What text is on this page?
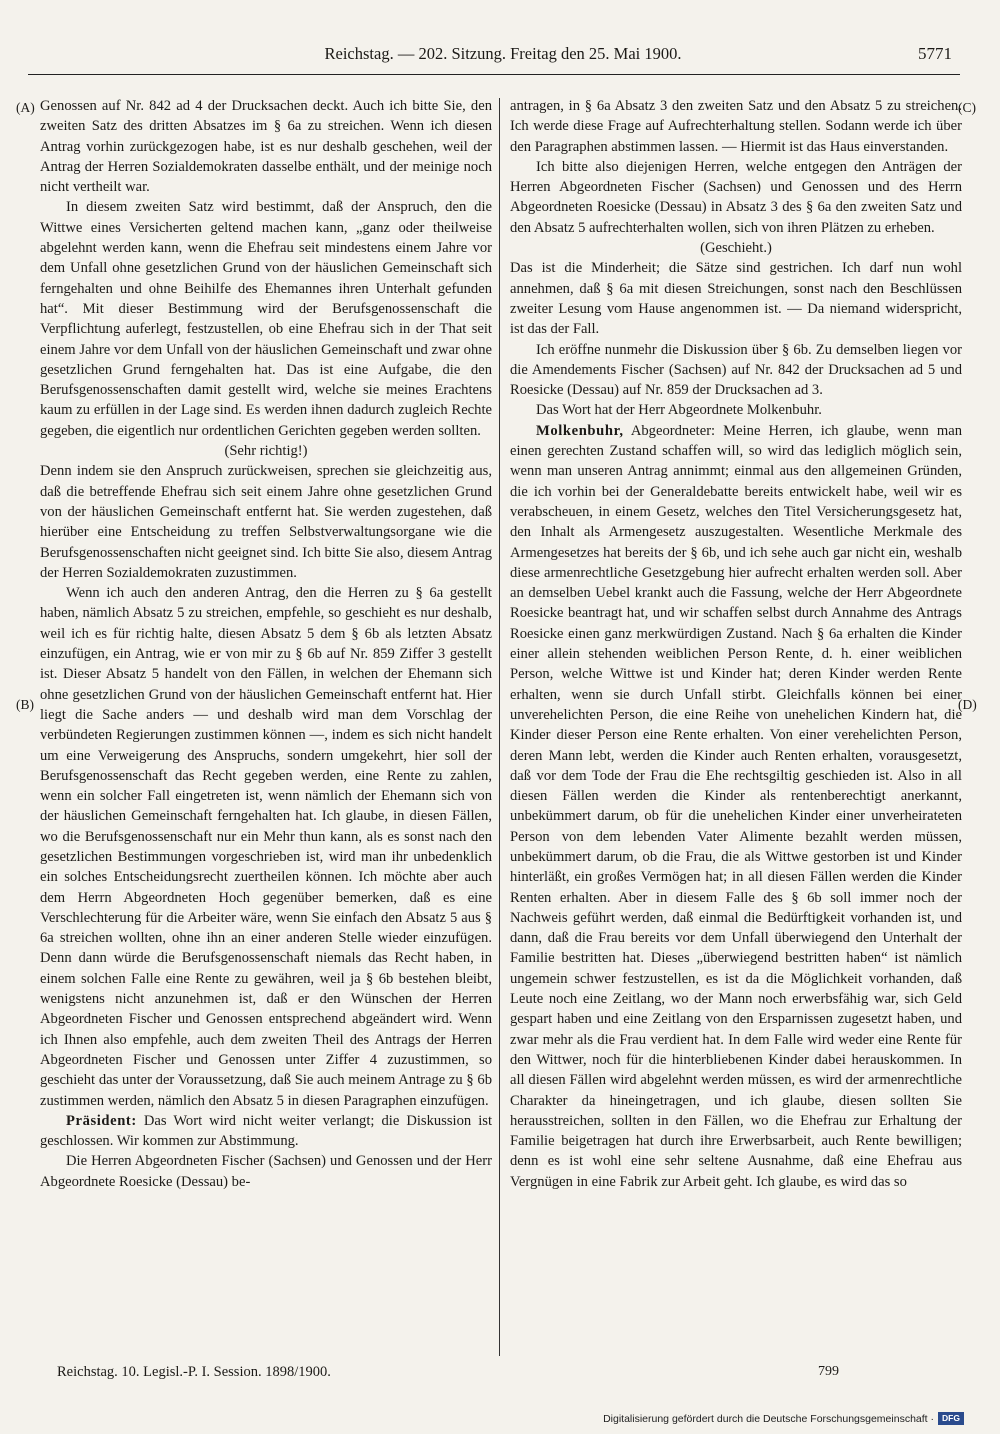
Reichstag. — 202. Sitzung. Freitag den 25. Mai 1900.	5771
(A)
(B)
(C)
(D)

Genossen auf Nr. 842 ad 4 der Drucksachen deckt. Auch ich bitte Sie, den zweiten Satz des dritten Absatzes im § 6a zu streichen. Wenn ich diesen Antrag vorhin zurückgezogen habe, ist es nur deshalb geschehen, weil der Antrag der Herren Sozialdemokraten dasselbe enthält, und der meinige noch nicht vertheilt war.

In diesem zweiten Satz wird bestimmt, daß der Anspruch, den die Wittwe eines Versicherten geltend machen kann, „ganz oder theilweise abgelehnt werden kann, wenn die Ehefrau seit mindestens einem Jahre vor dem Unfall ohne gesetzlichen Grund von der häuslichen Gemeinschaft sich ferngehalten und ohne Beihilfe des Ehemannes ihren Unterhalt gefunden hat“. Mit dieser Bestimmung wird der Berufsgenossenschaft die Verpflichtung auferlegt, festzustellen, ob eine Ehefrau sich in der That seit einem Jahre vor dem Unfall von der häuslichen Gemeinschaft und zwar ohne gesetzlichen Grund ferngehalten hat. Das ist eine Aufgabe, die den Berufsgenossenschaften damit gestellt wird, welche sie meines Erachtens kaum zu erfüllen in der Lage sind. Es werden ihnen dadurch zugleich Rechte gegeben, die eigentlich nur ordentlichen Gerichten gegeben werden sollten.

(Sehr richtig!)

Denn indem sie den Anspruch zurückweisen, sprechen sie gleichzeitig aus, daß die betreffende Ehefrau sich seit einem Jahre ohne gesetzlichen Grund von der häuslichen Gemeinschaft entfernt hat. Sie werden zugestehen, daß hierüber eine Entscheidung zu treffen Selbstverwaltungsorgane wie die Berufsgenossenschaften nicht geeignet sind. Ich bitte Sie also, diesem Antrag der Herren Sozialdemokraten zuzustimmen.

Wenn ich auch den anderen Antrag, den die Herren zu § 6a gestellt haben, nämlich Absatz 5 zu streichen, empfehle, so geschieht es nur deshalb, weil ich es für richtig halte, diesen Absatz 5 dem § 6b als letzten Absatz einzufügen, ein Antrag, wie er von mir zu § 6b auf Nr. 859 Ziffer 3 gestellt ist. Dieser Absatz 5 handelt von den Fällen, in welchen der Ehemann sich ohne gesetzlichen Grund von der häuslichen Gemeinschaft entfernt hat. Hier liegt die Sache anders — und deshalb wird man dem Vorschlag der verbündeten Regierungen zustimmen können —, indem es sich nicht handelt um eine Verweigerung des Anspruchs, sondern umgekehrt, hier soll der Berufsgenossenschaft das Recht gegeben werden, eine Rente zu zahlen, wenn ein solcher Fall eingetreten ist, wenn nämlich der Ehemann sich von der häuslichen Gemeinschaft ferngehalten hat. Ich glaube, in diesen Fällen, wo die Berufsgenossenschaft nur ein Mehr thun kann, als es sonst nach den gesetzlichen Bestimmungen vorgeschrieben ist, wird man ihr unbedenklich ein solches Entscheidungsrecht zuertheilen können. Ich möchte aber auch dem Herrn Abgeordneten Hoch gegenüber bemerken, daß es eine Verschlechterung für die Arbeiter wäre, wenn Sie einfach den Absatz 5 aus § 6a streichen wollten, ohne ihn an einer anderen Stelle wieder einzufügen. Denn dann würde die Berufsgenossenschaft niemals das Recht haben, in einem solchen Falle eine Rente zu gewähren, weil ja § 6b bestehen bleibt, wenigstens nicht anzunehmen ist, daß er den Wünschen der Herren Abgeordneten Fischer und Genossen entsprechend abgeändert wird. Wenn ich Ihnen also empfehle, auch dem zweiten Theil des Antrags der Herren Abgeordneten Fischer und Genossen unter Ziffer 4 zuzustimmen, so geschieht das unter der Voraussetzung, daß Sie auch meinem Antrage zu § 6b zustimmen werden, nämlich den Absatz 5 in diesen Paragraphen einzufügen.

Präsident: Das Wort wird nicht weiter verlangt; die Diskussion ist geschlossen. Wir kommen zur Abstimmung.

Die Herren Abgeordneten Fischer (Sachsen) und Genossen und der Herr Abgeordnete Roesicke (Dessau) be-

antragen, in § 6a Absatz 3 den zweiten Satz und den Absatz 5 zu streichen. Ich werde diese Frage auf Aufrechterhaltung stellen. Sodann werde ich über den Paragraphen abstimmen lassen. — Hiermit ist das Haus einverstanden.

Ich bitte also diejenigen Herren, welche entgegen den Anträgen der Herren Abgeordneten Fischer (Sachsen) und Genossen und des Herrn Abgeordneten Roesicke (Dessau) in Absatz 3 des § 6a den zweiten Satz und den Absatz 5 aufrechterhalten wollen, sich von ihren Plätzen zu erheben.

(Geschieht.)

Das ist die Minderheit; die Sätze sind gestrichen. Ich darf nun wohl annehmen, daß § 6a mit diesen Streichungen, sonst nach den Beschlüssen zweiter Lesung vom Hause angenommen ist. — Da niemand widerspricht, ist das der Fall.

Ich eröffne nunmehr die Diskussion über § 6b. Zu demselben liegen vor die Amendements Fischer (Sachsen) auf Nr. 842 der Drucksachen ad 5 und Roesicke (Dessau) auf Nr. 859 der Drucksachen ad 3.

Das Wort hat der Herr Abgeordnete Molkenbuhr.

Molkenbuhr, Abgeordneter: Meine Herren, ich glaube, wenn man einen gerechten Zustand schaffen will, so wird das lediglich möglich sein, wenn man unseren Antrag annimmt; einmal aus den allgemeinen Gründen, die ich vorhin bei der Generaldebatte bereits entwickelt habe, weil wir es verabscheuen, in einem Gesetz, welches den Titel Versicherungsgesetz hat, den Inhalt als Armengesetz auszugestalten. Wesentliche Merkmale des Armengesetzes hat bereits der § 6b, und ich sehe auch gar nicht ein, weshalb diese armenrechtliche Gesetzgebung hier aufrecht erhalten werden soll. Aber an demselben Uebel krankt auch die Fassung, welche der Herr Abgeordnete Roesicke beantragt hat, und wir schaffen selbst durch Annahme des Antrags Roesicke einen ganz merkwürdigen Zustand. Nach § 6a erhalten die Kinder einer allein stehenden weiblichen Person Rente, d. h. einer weiblichen Person, welche Wittwe ist und Kinder hat; deren Kinder werden Rente erhalten, wenn sie durch Unfall stirbt. Gleichfalls können bei einer unverehelichten Person, die eine Reihe von unehelichen Kindern hat, die Kinder dieser Person eine Rente erhalten. Von einer verehelichten Person, deren Mann lebt, werden die Kinder auch Renten erhalten, vorausgesetzt, daß vor dem Tode der Frau die Ehe rechtsgiltig geschieden ist. Also in all diesen Fällen werden die Kinder als rentenberechtigt anerkannt, unbekümmert darum, ob für die unehelichen Kinder einer unverheirateten Person von dem lebenden Vater Alimente bezahlt werden müssen, unbekümmert darum, ob die Frau, die als Wittwe gestorben ist und Kinder hinterläßt, ein großes Vermögen hat; in all diesen Fällen werden die Kinder Renten erhalten. Aber in diesem Falle des § 6b soll immer noch der Nachweis geführt werden, daß einmal die Bedürftigkeit vorhanden ist, und dann, daß die Frau bereits vor dem Unfall überwiegend den Unterhalt der Familie bestritten hat. Dieses „überwiegend bestritten haben“ ist nämlich ungemein schwer festzustellen, es ist da die Möglichkeit vorhanden, daß Leute noch eine Zeitlang, wo der Mann noch erwerbsfähig war, sich Geld gespart haben und eine Zeitlang von den Ersparnissen zugesetzt haben, und zwar mehr als die Frau verdient hat. In dem Falle wird weder eine Rente für den Wittwer, noch für die hinterbliebenen Kinder dabei herauskommen. In all diesen Fällen wird abgelehnt werden müssen, es wird der armenrechtliche Charakter da hineingetragen, und ich glaube, diesen sollten Sie herausstreichen, sollten in den Fällen, wo die Ehefrau zur Erhaltung der Familie beigetragen hat durch ihre Erwerbsarbeit, auch Rente bewilligen; denn es ist wohl eine sehr seltene Ausnahme, daß eine Ehefrau aus Vergnügen in eine Fabrik zur Arbeit geht. Ich glaube, es wird das so

Reichstag. 10. Legisl.-P. I. Session. 1898/1900.	799
Digitalisierung gefördert durch die Deutsche Forschungsgemeinschaft · DFG
